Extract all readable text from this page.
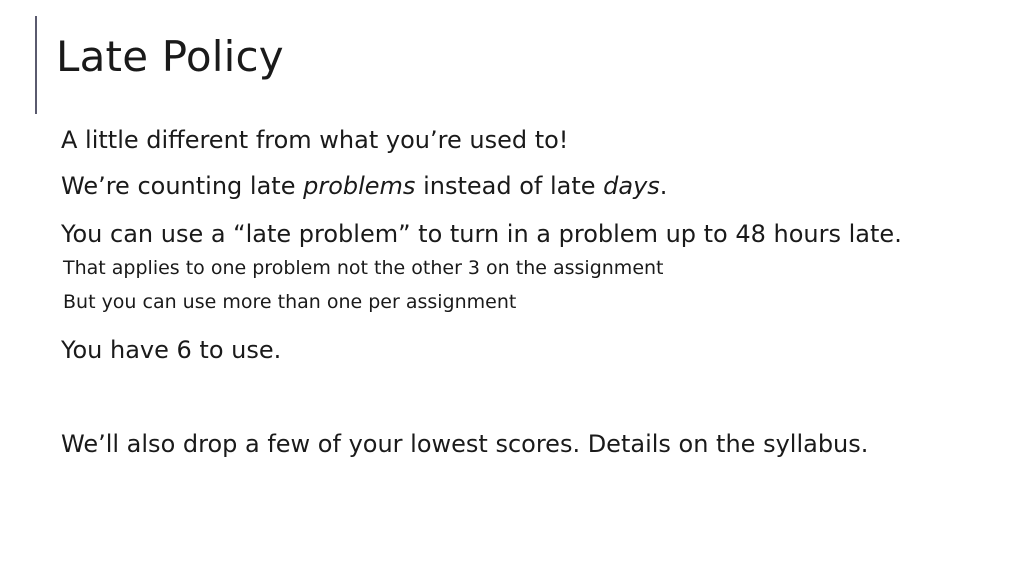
Late Policy
A little different from what you’re used to!
We’re counting late problems instead of late days.
You can use a “late problem” to turn in a problem up to 48 hours late.
That applies to one problem not the other 3 on the assignment
But you can use more than one per assignment
You have 6 to use.
We’ll also drop a few of your lowest scores. Details on the syllabus.
